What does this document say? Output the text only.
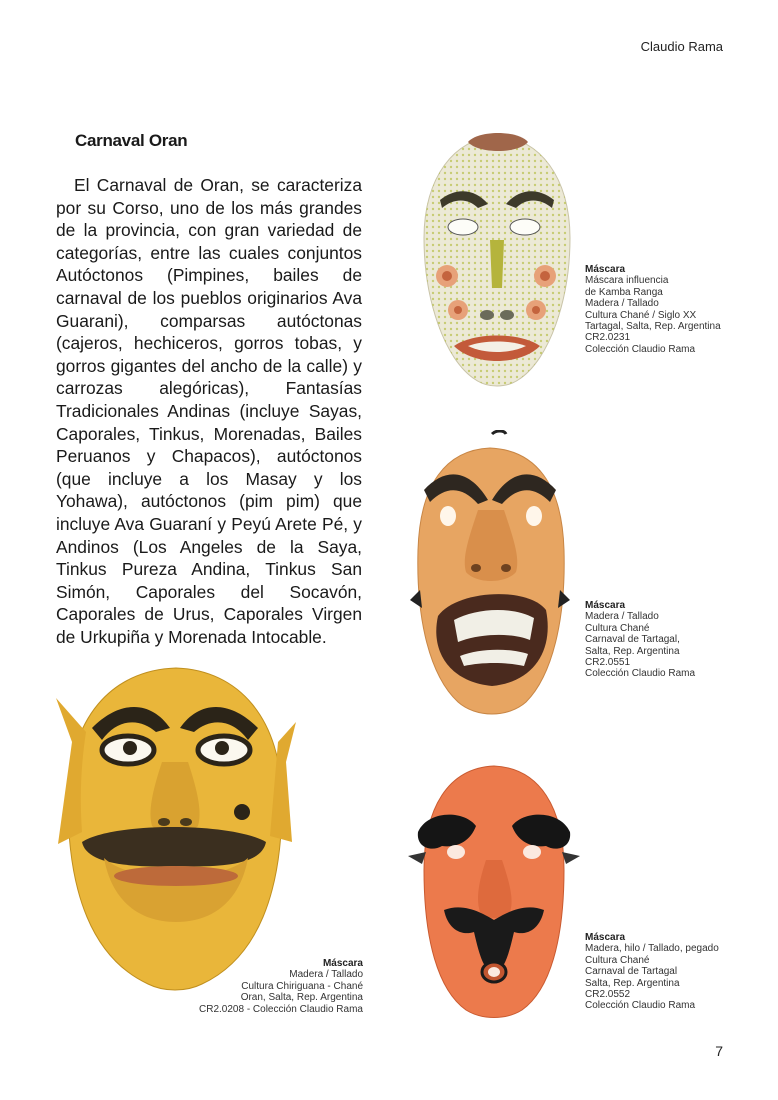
Claudio Rama
Carnaval Oran

El Carnaval de Oran, se caracteriza por su Corso, uno de los más grandes de la provincia, con gran variedad de categorías, entre las cuales conjuntos Autóctonos (Pimpines, bailes de carnaval de los pueblos originarios Ava Guarani), comparsas autóctonas (cajeros, hechiceros, gorros tobas, y gorros gigantes del ancho de la calle) y carrozas alegóricas), Fantasías Tradicionales Andinas (incluye Sayas, Caporales, Tinkus, Morenadas, Bailes Peruanos y Chapacos), autóctonos (que incluye a los Masay y los Yohawa), autóctonos (pim pim) que incluye Ava Guaraní y Peyú Arete Pé, y Andinos (Los Angeles de la Saya, Tinkus Pureza Andina, Tinkus San Simón, Caporales del Socavón, Caporales de Urus, Caporales Virgen de Urkupiña y Morenada Intocable.

Máscara
Máscara influencia
de Kamba Ranga
Madera / Tallado
Cultura Chané / Siglo XX
Tartagal, Salta, Rep. Argentina
CR2.0231
Colección Claudio Rama
Máscara
Madera / Tallado
Cultura Chané
Carnaval de Tartagal,
Salta, Rep. Argentina
CR2.0551
Colección Claudio Rama
Máscara
Madera, hilo / Tallado, pegado
Cultura Chané
Carnaval de Tartagal
Salta, Rep. Argentina
CR2.0552
Colección Claudio Rama
Máscara
Madera / Tallado
Cultura Chiriguana - Chané
Oran, Salta, Rep. Argentina
CR2.0208 - Colección Claudio Rama
7
